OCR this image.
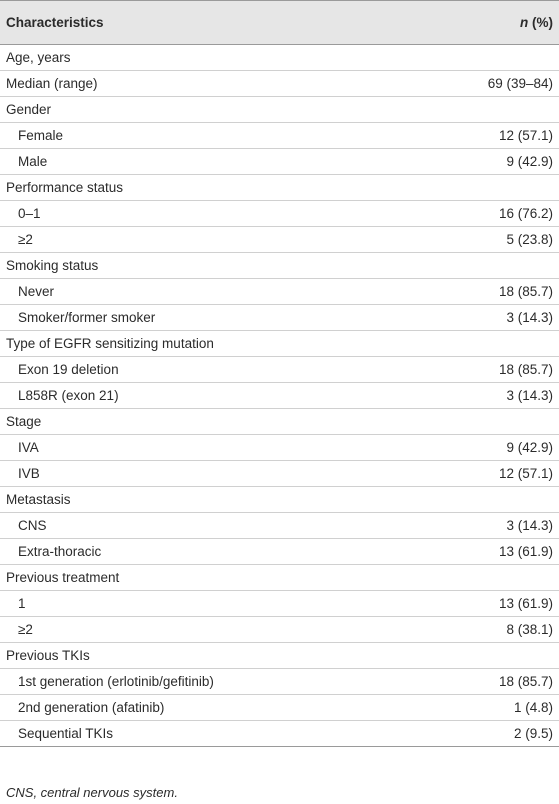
Characteristics	n (%)
Age, years
Median (range)	69 (39–84)
Gender
Female	12 (57.1)
Male	9 (42.9)
Performance status
0–1	16 (76.2)
≥2	5 (23.8)
Smoking status
Never	18 (85.7)
Smoker/former smoker	3 (14.3)
Type of EGFR sensitizing mutation
Exon 19 deletion	18 (85.7)
L858R (exon 21)	3 (14.3)
Stage
IVA	9 (42.9)
IVB	12 (57.1)
Metastasis
CNS	3 (14.3)
Extra-thoracic	13 (61.9)
Previous treatment
1	13 (61.9)
≥2	8 (38.1)
Previous TKIs
1st generation (erlotinib/gefitinib)	18 (85.7)
2nd generation (afatinib)	1 (4.8)
Sequential TKIs	2 (9.5)
CNS, central nervous system.
